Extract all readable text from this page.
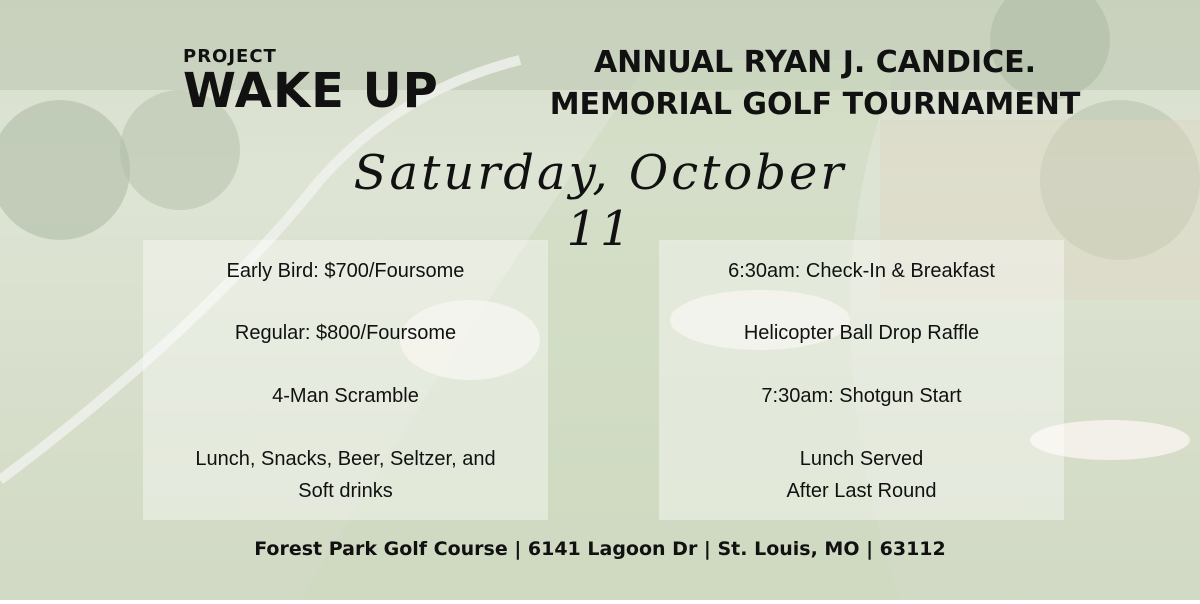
PROJECT
WAKE UP
ANNUAL RYAN J. CANDICE.
MEMORIAL GOLF TOURNAMENT
Saturday, October 11
Early Bird: $700/Foursome
Regular: $800/Foursome
4-Man Scramble
Lunch, Snacks, Beer, Seltzer, and
Soft drinks
6:30am: Check-In & Breakfast
Helicopter Ball Drop Raffle
7:30am: Shotgun Start
Lunch Served
After Last Round
Forest Park Golf Course | 6141 Lagoon Dr | St. Louis, MO | 63112
